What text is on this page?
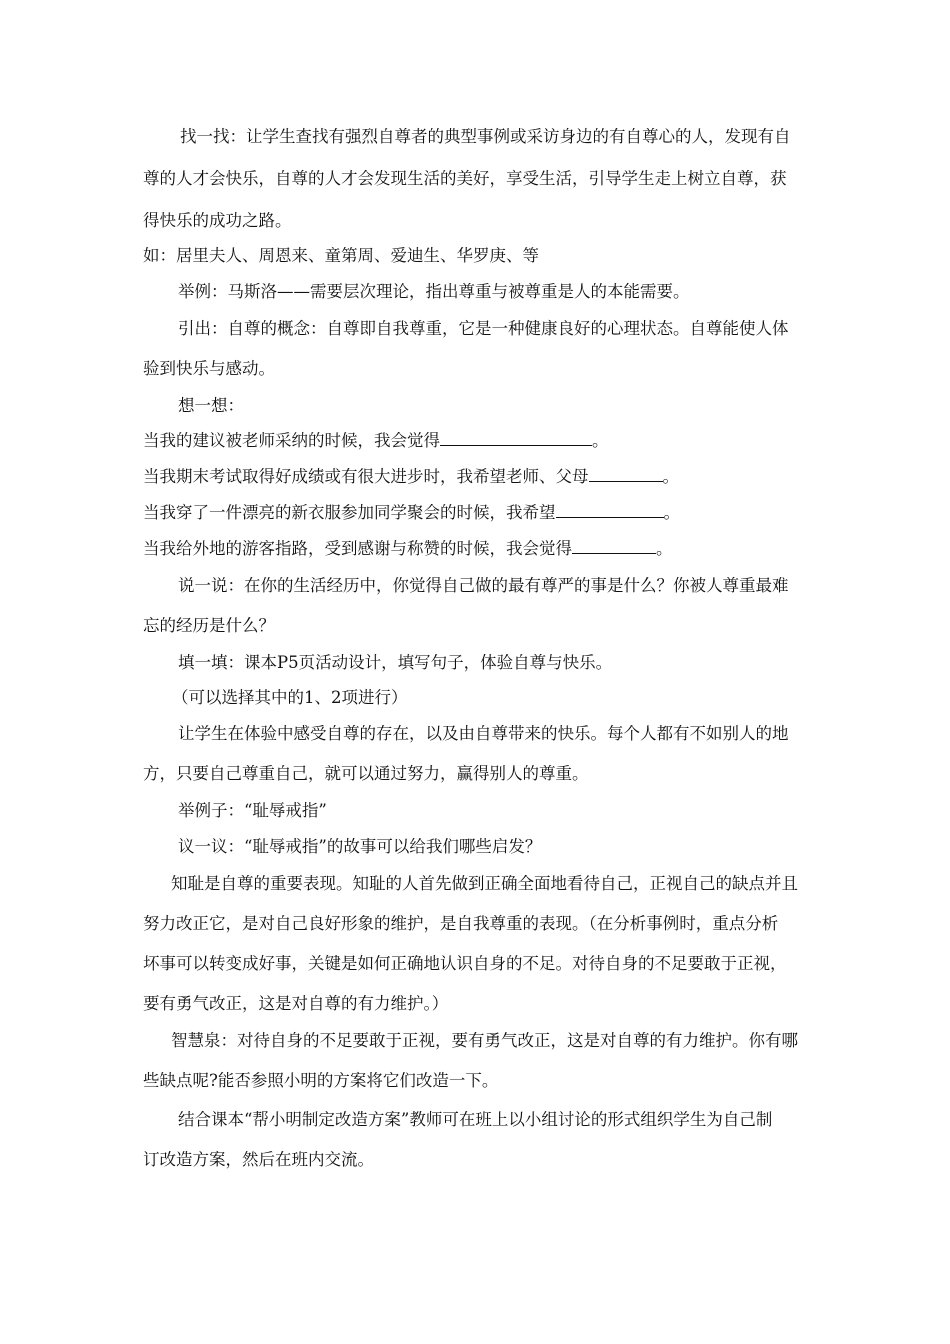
找一找：让学生查找有强烈自尊者的典型事例或采访身边的有自尊心的人，发现有自
尊的人才会快乐，自尊的人才会发现生活的美好，享受生活，引导学生走上树立自尊，获
得快乐的成功之路。
如：居里夫人、周恩来、童第周、爱迪生、华罗庚、等
举例：马斯洛——需要层次理论，指出尊重与被尊重是人的本能需要。
引出：自尊的概念：自尊即自我尊重，它是一种健康良好的心理状态。自尊能使人体
验到快乐与感动。
想一想：
当我的建议被老师采纳的时候，我会觉得	。
当我期末考试取得好成绩或有很大进步时，我希望老师、父母	。
当我穿了一件漂亮的新衣服参加同学聚会的时候，我希望	。
当我给外地的游客指路，受到感谢与称赞的时候，我会觉得	。
说一说：在你的生活经历中，你觉得自己做的最有尊严的事是什么？你被人尊重最难
忘的经历是什么？
填一填：课本P5页活动设计，填写句子，体验自尊与快乐。
（可以选择其中的1、2项进行）
让学生在体验中感受自尊的存在，以及由自尊带来的快乐。每个人都有不如别人的地
方，只要自己尊重自己，就可以通过努力，赢得别人的尊重。
举例子：“耻辱戒指”
议一议：“耻辱戒指”的故事可以给我们哪些启发？
知耻是自尊的重要表现。知耻的人首先做到正确全面地看待自己，正视自己的缺点并且
努力改正它，是对自己良好形象的维护，是自我尊重的表现。（在分析事例时，重点分析
坏事可以转变成好事，关键是如何正确地认识自身的不足。对待自身的不足要敢于正视，
要有勇气改正，这是对自尊的有力维护。）
智慧泉：对待自身的不足要敢于正视，要有勇气改正，这是对自尊的有力维护。你有哪
些缺点呢?能否参照小明的方案将它们改造一下。
结合课本“帮小明制定改造方案”教师可在班上以小组讨论的形式组织学生为自己制
订改造方案，然后在班内交流。
